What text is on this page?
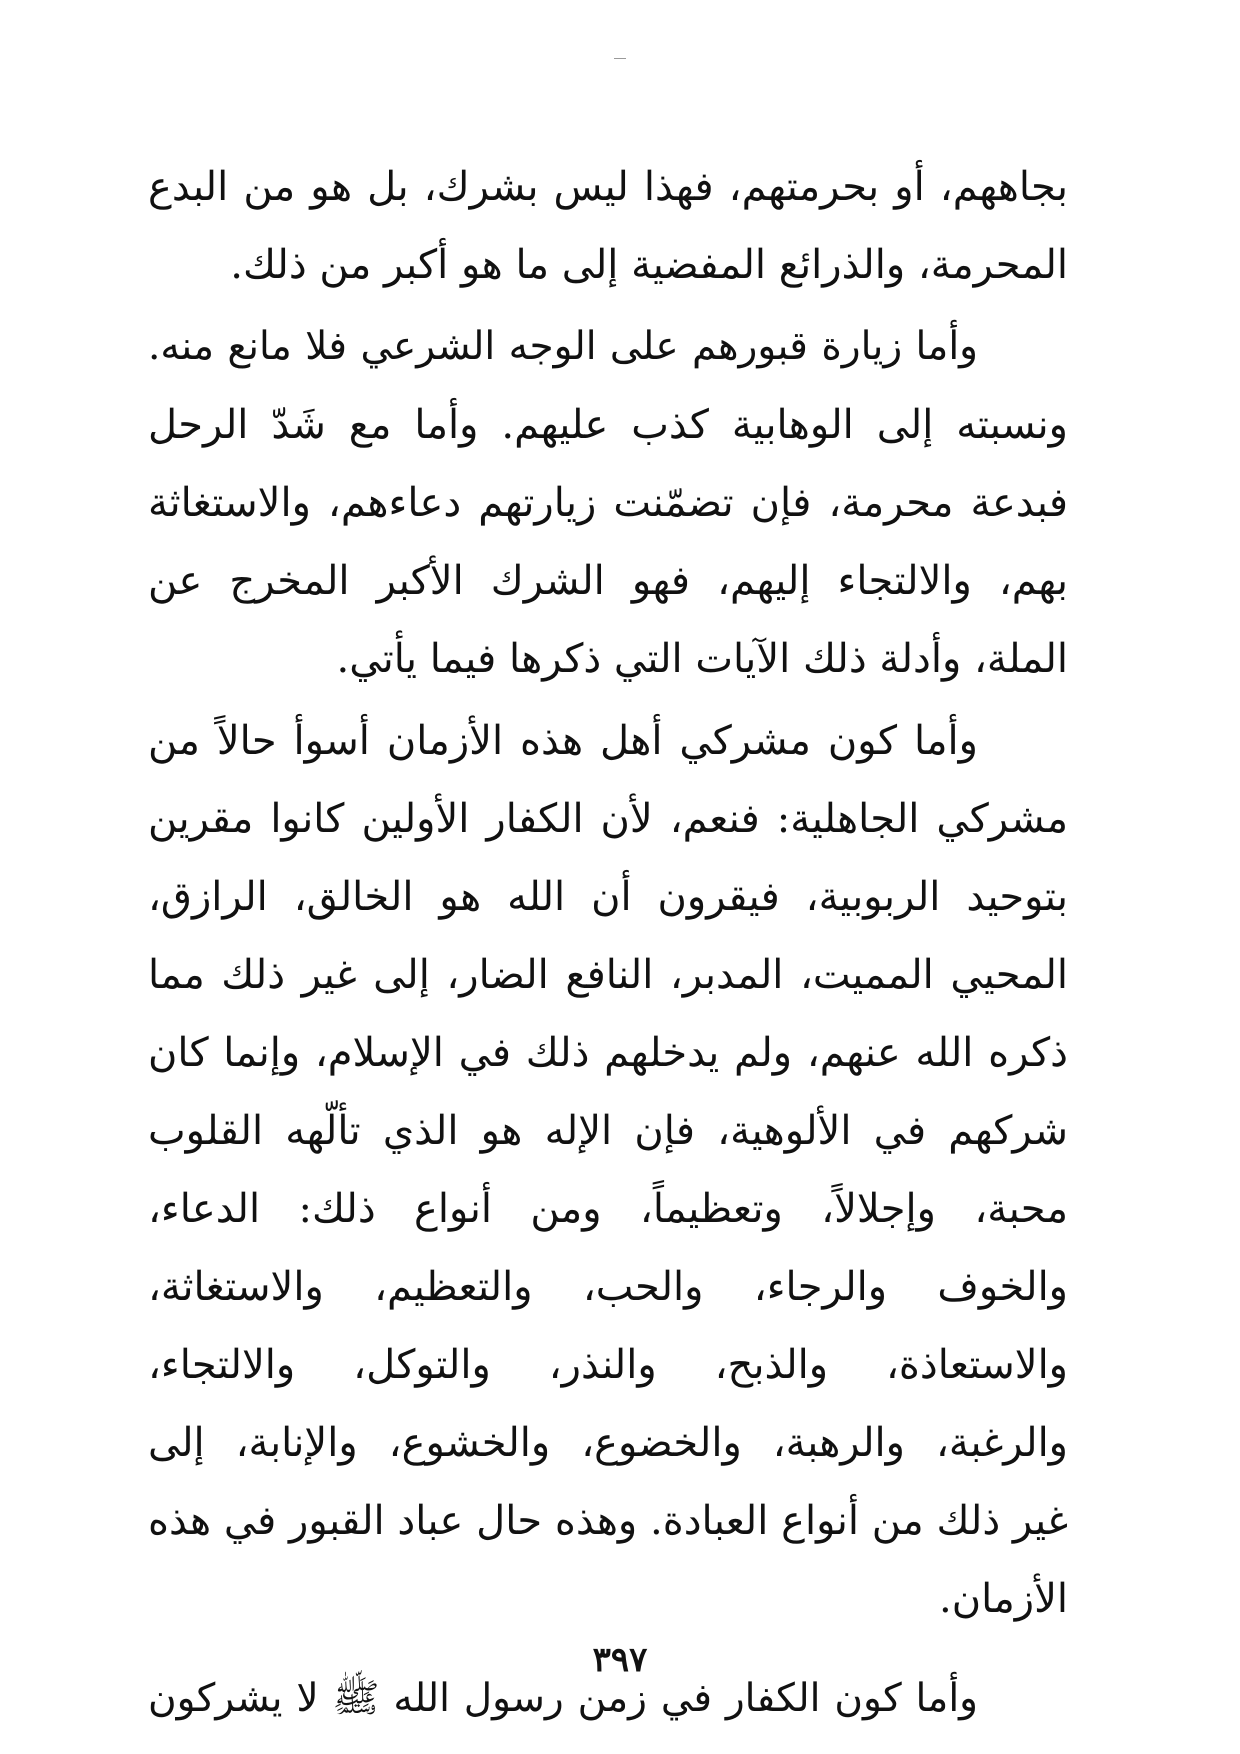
بجاههم، أو بحرمتهم، فهذا ليس بشرك، بل هو من البدع
المحرمة، والذرائع المفضية إلى ما هو أكبر من ذلك.
وأما زيارة قبورهم على الوجه الشرعي فلا مانع منه.
ونسبته إلى الوهابية كذب عليهم. وأما مع شَدّ الرحل
فبدعة محرمة، فإن تضمّنت زيارتهم دعاءهم، والاستغاثة
بهم، والالتجاء إليهم، فهو الشرك الأكبر المخرج عن
الملة، وأدلة ذلك الآيات التي ذكرها فيما يأتي.
وأما كون مشركي أهل هذه الأزمان أسوأ حالاً من
مشركي الجاهلية: فنعم، لأن الكفار الأولين كانوا مقرين
بتوحيد الربوبية، فيقرون أن الله هو الخالق، الرازق،
المحيي المميت، المدبر، النافع الضار، إلى غير ذلك مما
ذكره الله عنهم، ولم يدخلهم ذلك في الإسلام، وإنما كان
شركهم في الألوهية، فإن الإله هو الذي تألّهه القلوب
محبة، وإجلالاً، وتعظيماً، ومن أنواع ذلك: الدعاء،
والخوف والرجاء، والحب، والتعظيم، والاستغاثة،
والاستعاذة، والذبح، والنذر، والتوكل، والالتجاء،
والرغبة، والرهبة، والخضوع، والخشوع، والإنابة، إلى
غير ذلك من أنواع العبادة. وهذه حال عباد القبور في هذه
الأزمان.
وأما كون الكفار في زمن رسول الله ﷺ لا يشركون
٣٩٧
